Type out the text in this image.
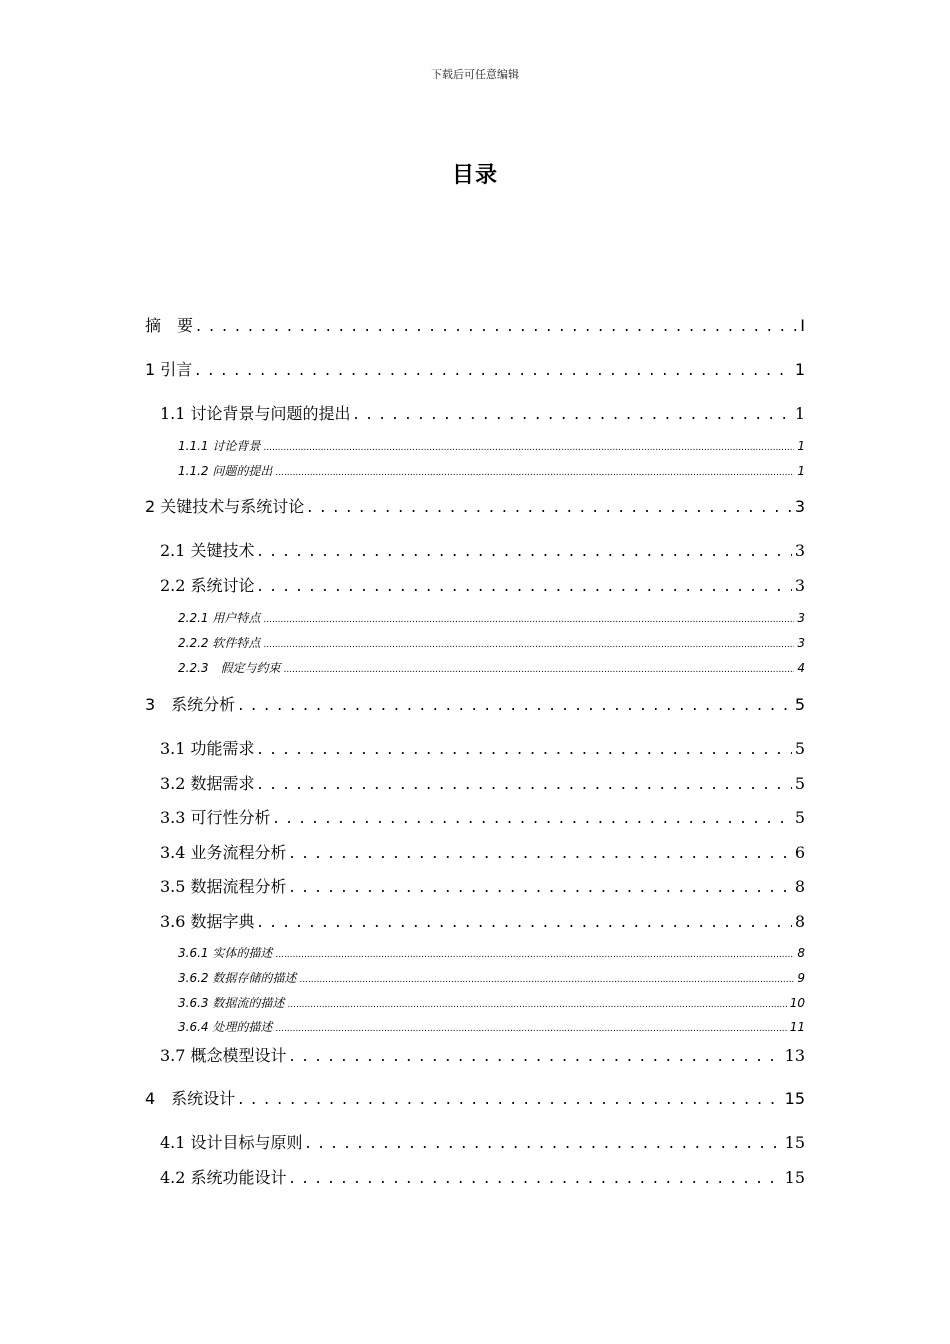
下载后可任意编辑
目录
摘　要 . . .	I
1 引言 . . .	1
1.1 讨论背景与问题的提出 . . .	1
1.1.1 讨论背景 .....	1
1.1.2 问题的提出 .....	1
2 关键技术与系统讨论 . . .	3
2.1 关键技术 . . .	3
2.2 系统讨论 . . .	3
2.2.1 用户特点 .....	3
2.2.2 软件特点 .....	3
2.2.3　假定与约束 .....	4
3　系统分析 . . .	5
3.1 功能需求 . . .	5
3.2 数据需求 . . .	5
3.3 可行性分析 . . .	5
3.4 业务流程分析 . . .	6
3.5 数据流程分析 . . .	8
3.6 数据字典 . . .	8
3.6.1 实体的描述 .....	8
3.6.2 数据存储的描述 .....	9
3.6.3 数据流的描述 .....	10
3.6.4 处理的描述 .....	11
3.7 概念模型设计 . . .	13
4　系统设计 . . .	15
4.1 设计目标与原则 . . .	15
4.2 系统功能设计 . . .	15
